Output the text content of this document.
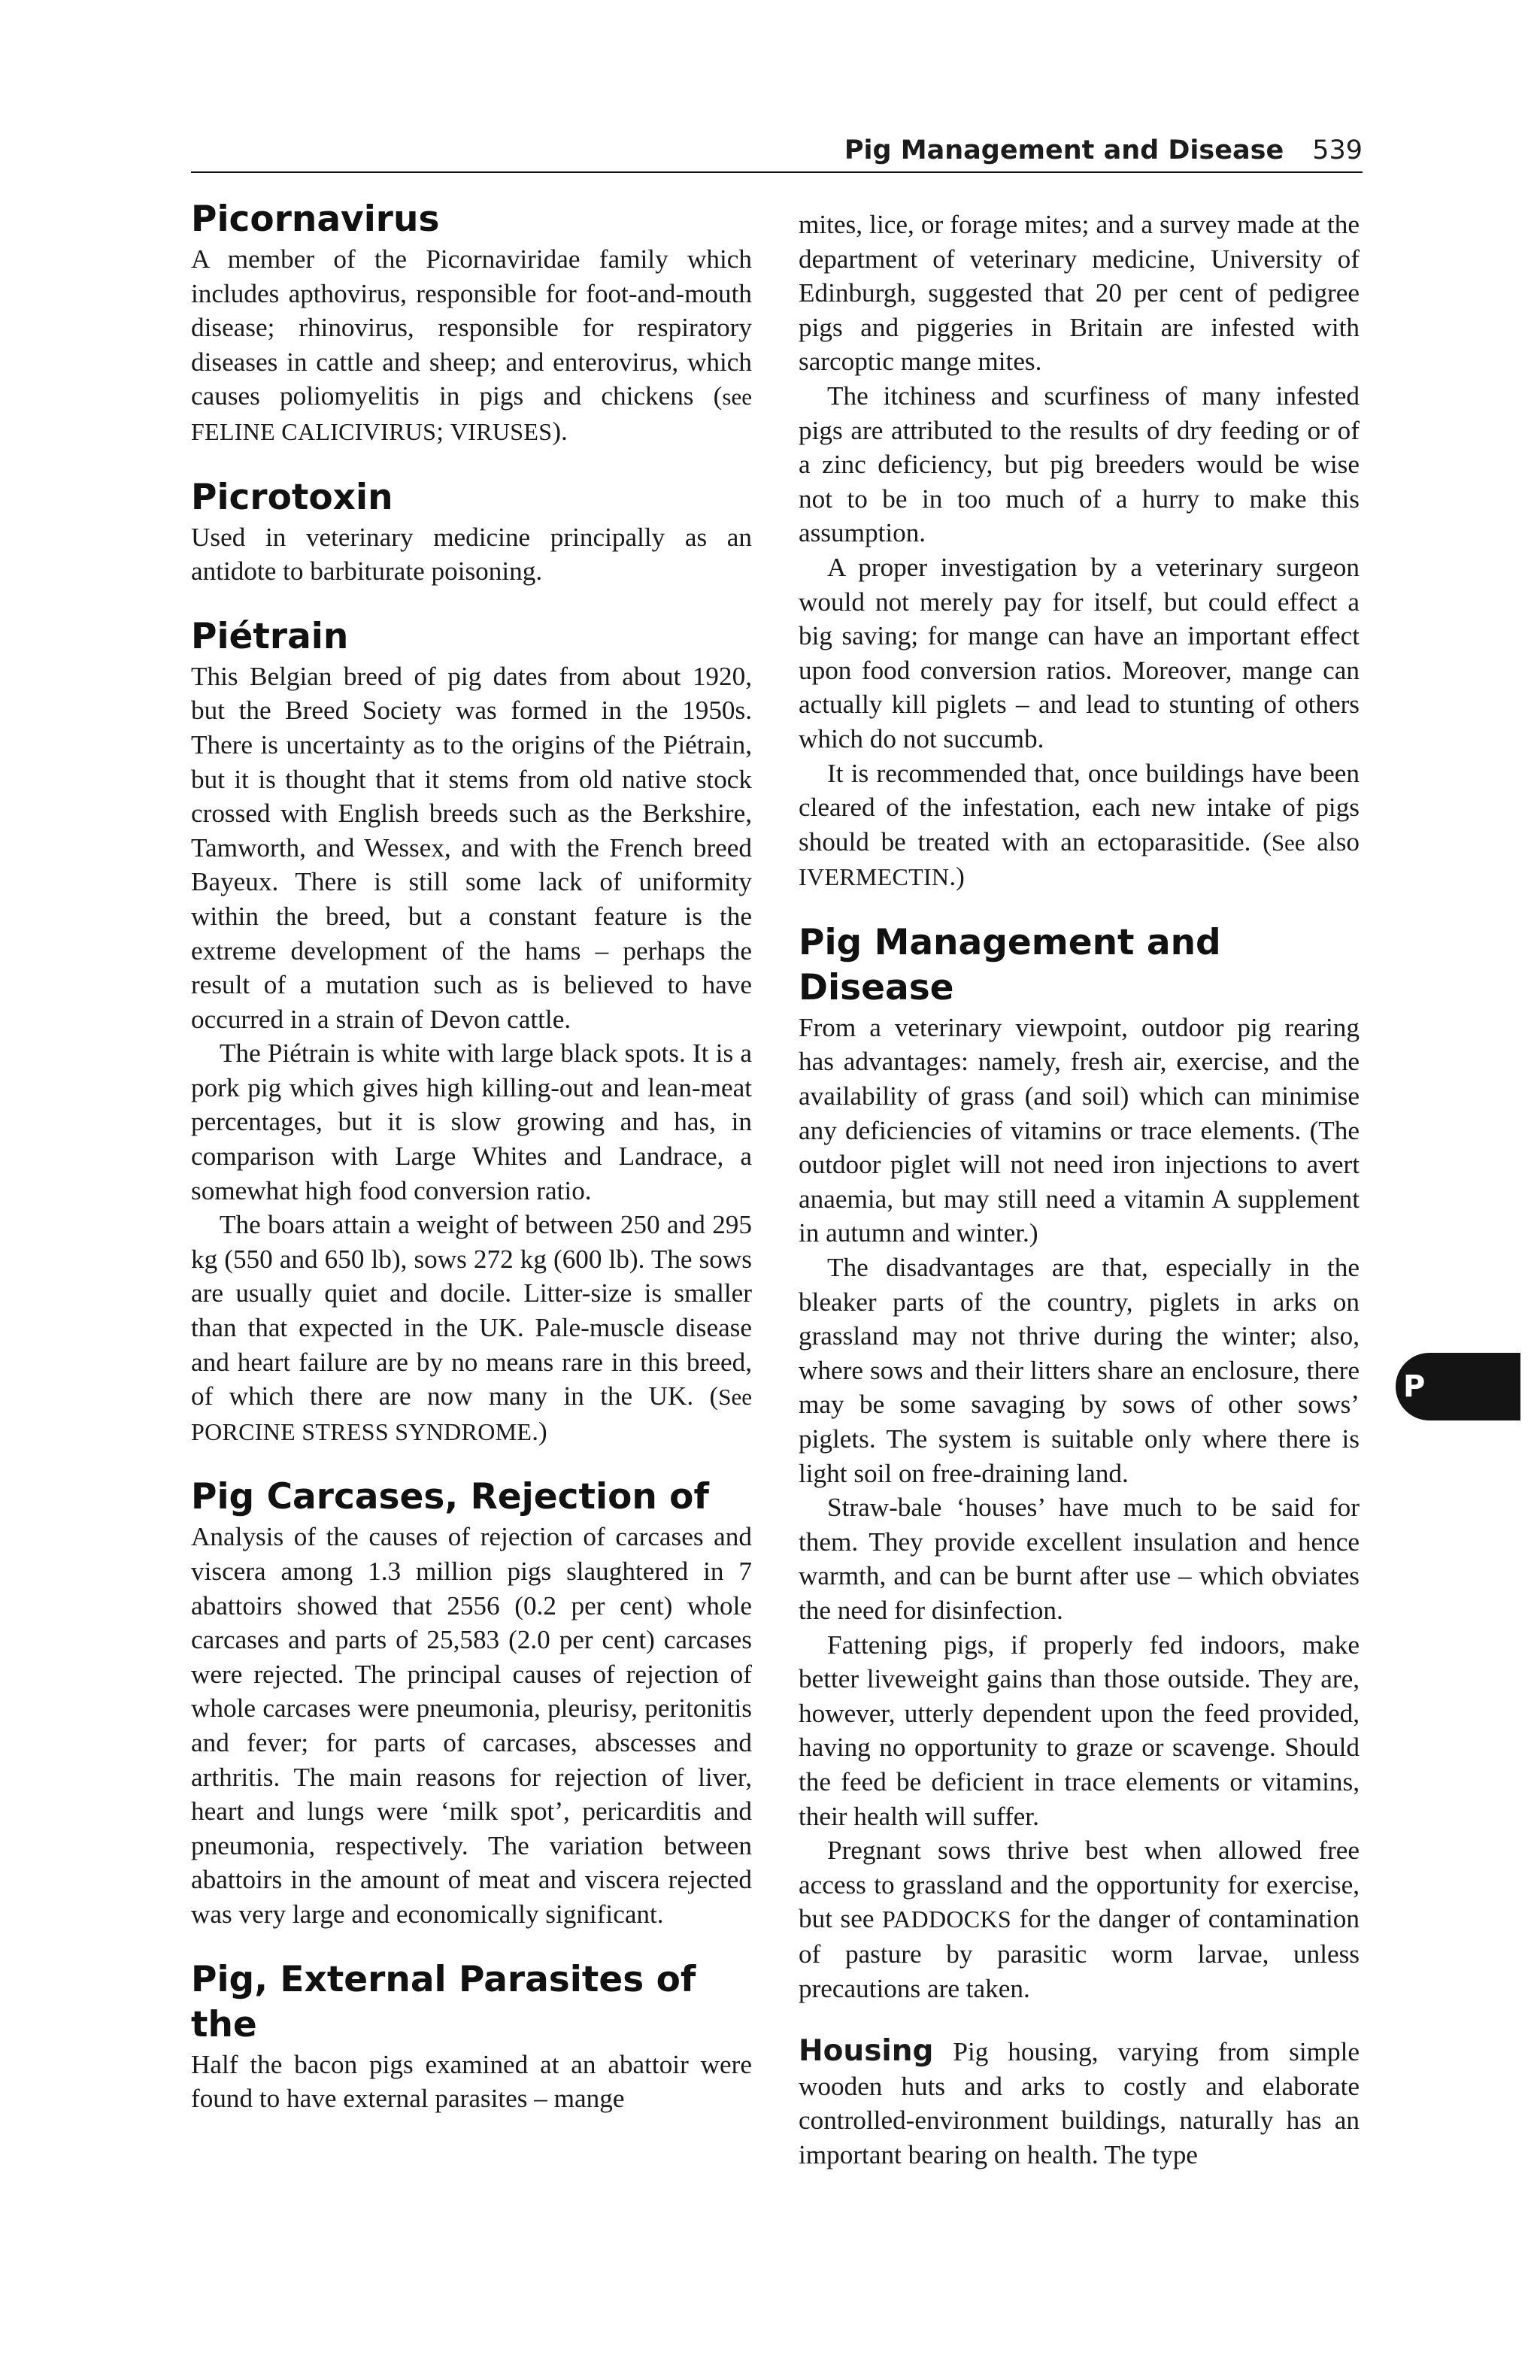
Pig Management and Disease 539
Picornavirus

A member of the Picornaviridae family which includes apthovirus, responsible for foot-and-mouth disease; rhinovirus, responsible for respiratory diseases in cattle and sheep; and enterovirus, which causes poliomyelitis in pigs and chickens (see FELINE CALICIVIRUS; VIRUSES).

Picrotoxin

Used in veterinary medicine principally as an antidote to barbiturate poisoning.

Piétrain

This Belgian breed of pig dates from about 1920, but the Breed Society was formed in the 1950s. There is uncertainty as to the origins of the Piétrain, but it is thought that it stems from old native stock crossed with English breeds such as the Berkshire, Tamworth, and Wessex, and with the French breed Bayeux. There is still some lack of uniformity within the breed, but a constant feature is the extreme development of the hams – perhaps the result of a mutation such as is believed to have occurred in a strain of Devon cattle.

The Piétrain is white with large black spots. It is a pork pig which gives high killing-out and lean-meat percentages, but it is slow growing and has, in comparison with Large Whites and Landrace, a somewhat high food conversion ratio.

The boars attain a weight of between 250 and 295 kg (550 and 650 lb), sows 272 kg (600 lb). The sows are usually quiet and docile. Litter-size is smaller than that expected in the UK. Pale-muscle disease and heart failure are by no means rare in this breed, of which there are now many in the UK. (See PORCINE STRESS SYNDROME.)

Pig Carcases, Rejection of

Analysis of the causes of rejection of carcases and viscera among 1.3 million pigs slaughtered in 7 abattoirs showed that 2556 (0.2 per cent) whole carcases and parts of 25,583 (2.0 per cent) carcases were rejected. The principal causes of rejection of whole carcases were pneumonia, pleurisy, peritonitis and fever; for parts of carcases, abscesses and arthritis. The main reasons for rejection of liver, heart and lungs were ‘milk spot’, pericarditis and pneumonia, respectively. The variation between abattoirs in the amount of meat and viscera rejected was very large and economically significant.

Pig, External Parasites of the

Half the bacon pigs examined at an abattoir were found to have external parasites – mange

mites, lice, or forage mites; and a survey made at the department of veterinary medicine, University of Edinburgh, suggested that 20 per cent of pedigree pigs and piggeries in Britain are infested with sarcoptic mange mites.

The itchiness and scurfiness of many infested pigs are attributed to the results of dry feeding or of a zinc deficiency, but pig breeders would be wise not to be in too much of a hurry to make this assumption.

A proper investigation by a veterinary surgeon would not merely pay for itself, but could effect a big saving; for mange can have an important effect upon food conversion ratios. Moreover, mange can actually kill piglets – and lead to stunting of others which do not succumb.

It is recommended that, once buildings have been cleared of the infestation, each new intake of pigs should be treated with an ectoparasitide. (See also IVERMECTIN.)

Pig Management and Disease

From a veterinary viewpoint, outdoor pig rearing has advantages: namely, fresh air, exercise, and the availability of grass (and soil) which can minimise any deficiencies of vitamins or trace elements. (The outdoor piglet will not need iron injections to avert anaemia, but may still need a vitamin A supplement in autumn and winter.)

The disadvantages are that, especially in the bleaker parts of the country, piglets in arks on grassland may not thrive during the winter; also, where sows and their litters share an enclosure, there may be some savaging by sows of other sows’ piglets. The system is suitable only where there is light soil on free-draining land.

Straw-bale ‘houses’ have much to be said for them. They provide excellent insulation and hence warmth, and can be burnt after use – which obviates the need for disinfection.

Fattening pigs, if properly fed indoors, make better liveweight gains than those outside. They are, however, utterly dependent upon the feed provided, having no opportunity to graze or scavenge. Should the feed be deficient in trace elements or vitamins, their health will suffer.

Pregnant sows thrive best when allowed free access to grassland and the opportunity for exercise, but see PADDOCKS for the danger of contamination of pasture by parasitic worm larvae, unless precautions are taken.

Housing Pig housing, varying from simple wooden huts and arks to costly and elaborate controlled-environment buildings, naturally has an important bearing on health. The type

P
